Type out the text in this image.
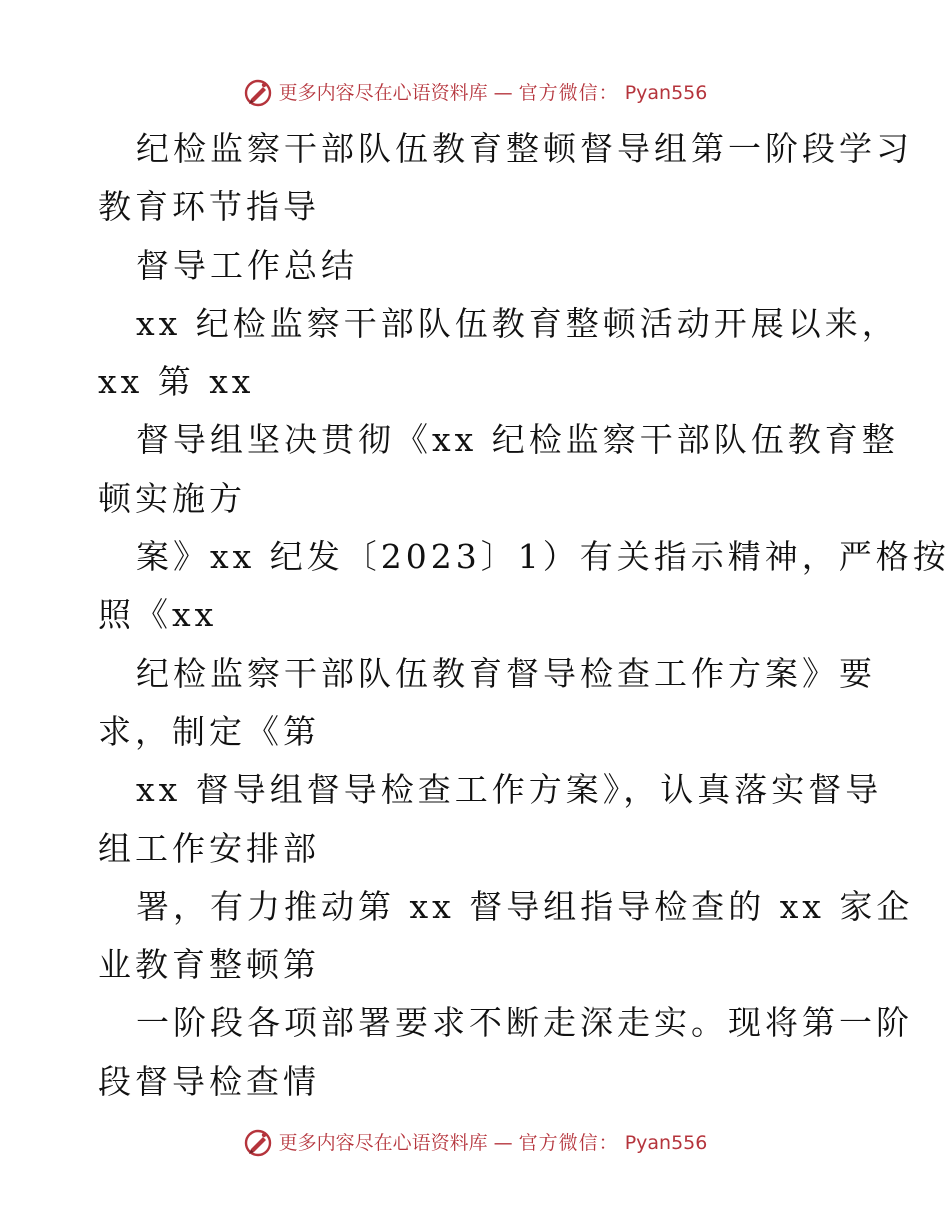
更多内容尽在心语资料库 — 官方微信： Pyan556
纪检监察干部队伍教育整顿督导组第一阶段学习
教育环节指导
督导工作总结
xx 纪检监察干部队伍教育整顿活动开展以来，
xx 第 xx
督导组坚决贯彻《xx 纪检监察干部队伍教育整
顿实施方
案》xx 纪发〔2023〕1）有关指示精神，严格按
照《xx
纪检监察干部队伍教育督导检查工作方案》要
求，制定《第
xx 督导组督导检查工作方案》，认真落实督导
组工作安排部
署，有力推动第 xx 督导组指导检查的 xx 家企
业教育整顿第
一阶段各项部署要求不断走深走实。现将第一阶
段督导检查情
更多内容尽在心语资料库 — 官方微信： Pyan556
